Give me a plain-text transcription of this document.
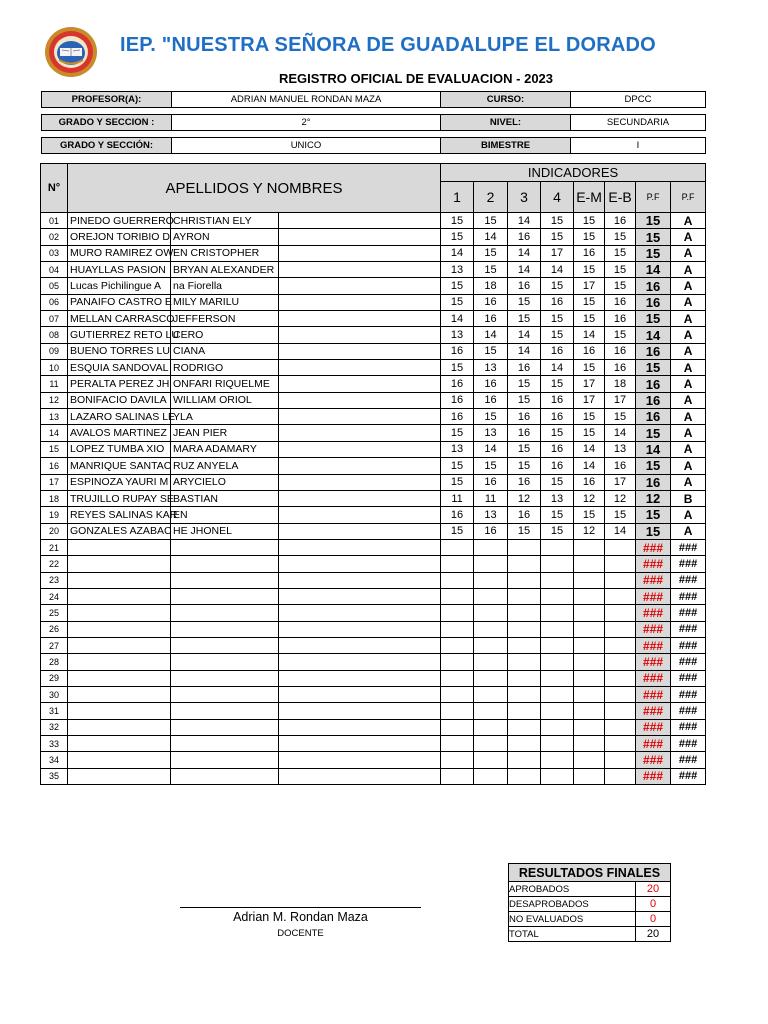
IEP. "NUESTRA SEÑORA DE GUADALUPE EL DORADO
REGISTRO OFICIAL DE EVALUACION - 2023
PROFESOR(A):	ADRIAN MANUEL RONDAN MAZA	CURSO:	DPCC

GRADO Y SECCION :	2°	NIVEL:	SECUNDARIA

GRADO Y SECCIÓN:	UNICO	BIMESTRE	I
N°	APELLIDOS Y NOMBRES			INDICADORES							
				1	2	3	4	E-M	E-B	P.F	P.F
01	PINEDO GUERRERO	CHRISTIAN ELY		15	15	14	15	15	16	15	A
02	OREJON TORIBIO D	AYRON		15	14	16	15	15	15	15	A
03	MURO RAMIREZ OW	EN CRISTOPHER		14	15	14	17	16	15	15	A
04	HUAYLLAS PASION	BRYAN ALEXANDER		13	15	14	14	15	15	14	A
05	Lucas Pichilingue A	na Fiorella		15	18	16	15	17	15	16	A
06	PANAIFO CASTRO E	MILY MARILU		15	16	15	16	15	16	16	A
07	MELLAN CARRASCO	JEFFERSON		14	16	15	15	15	16	15	A
08	GUTIERREZ RETO LU	CERO		13	14	14	15	14	15	14	A
09	BUENO TORRES LU	CIANA		16	15	14	16	16	16	16	A
10	ESQUIA SANDOVAL	RODRIGO		15	13	16	14	15	16	15	A
11	PERALTA PEREZ JH	ONFARI RIQUELME		16	16	15	15	17	18	16	A
12	BONIFACIO DAVILA	WILLIAM ORIOL		16	16	15	16	17	17	16	A
13	LAZARO SALINAS LE	YLA		16	15	16	16	15	15	16	A
14	AVALOS MARTINEZ	JEAN PIER		15	13	16	15	15	14	15	A
15	LOPEZ TUMBA XIO	MARA ADAMARY		13	14	15	16	14	13	14	A
16	MANRIQUE SANTAC	RUZ ANYELA		15	15	15	16	14	16	15	A
17	ESPINOZA YAURI M	ARYCIELO		15	16	16	15	16	17	16	A
18	TRUJILLO RUPAY SE	BASTIAN		11	11	12	13	12	12	12	B
19	REYES SALINAS KAR	EN		16	13	16	15	15	15	15	A
20	GONZALES AZABAC	HE JHONEL		15	16	15	15	12	14	15	A
21										###	###
22										###	###
23										###	###
24										###	###
25										###	###
26										###	###
27										###	###
28										###	###
29										###	###
30										###	###
31										###	###
32										###	###
33										###	###
34										###	###
35										###	###
RESULTADOS FINALES	
APROBADOS	20
DESAPROBADOS	0
NO EVALUADOS	0
TOTAL	20
Adrian M. Rondan Maza
DOCENTE
